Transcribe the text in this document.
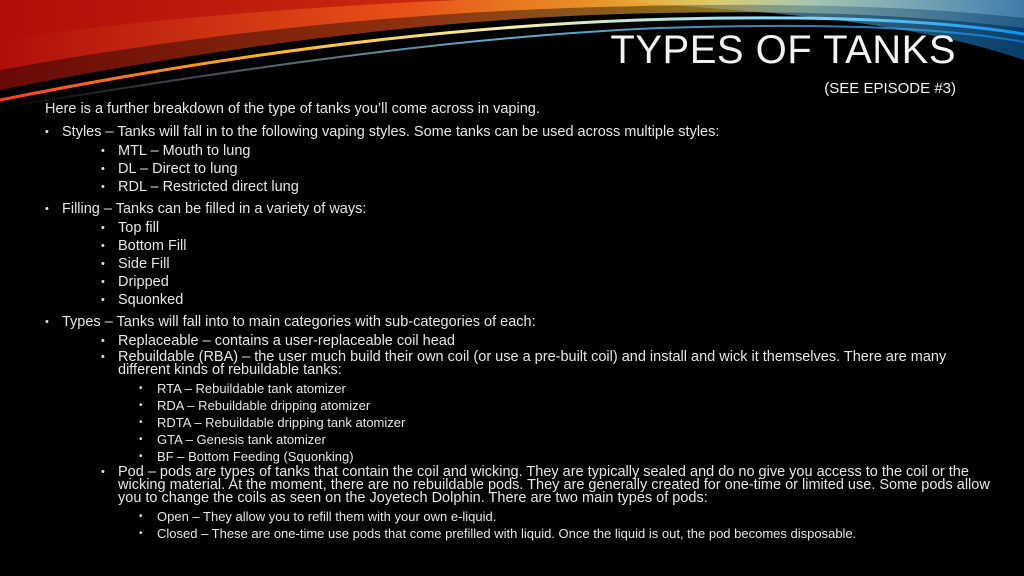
TYPES OF TANKS
(SEE EPISODE #3)

Here is a further breakdown of the type of tanks you’ll come across in vaping.

• Styles – Tanks will fall in to the following vaping styles. Some tanks can be used across multiple styles:
• MTL – Mouth to lung
• DL – Direct to lung
• RDL – Restricted direct lung
• Filling – Tanks can be filled in a variety of ways:
• Top fill
• Bottom Fill
• Side Fill
• Dripped
• Squonked
• Types – Tanks will fall into to main categories with sub-categories of each:
• Replaceable – contains a user-replaceable coil head
• Rebuildable (RBA) – the user much build their own coil (or use a pre-built coil) and install and wick it themselves. There are many different kinds of rebuildable tanks:
• RTA – Rebuildable tank atomizer
• RDA – Rebuildable dripping atomizer
• RDTA – Rebuildable dripping tank atomizer
• GTA – Genesis tank atomizer
• BF – Bottom Feeding (Squonking)
• Pod – pods are types of tanks that contain the coil and wicking. They are typically sealed and do no give you access to the coil or the wicking material. At the moment, there are no rebuildable pods. They are generally created for one-time or limited use. Some pods allow you to change the coils as seen on the Joyetech Dolphin. There are two main types of pods:
• Open – They allow you to refill them with your own e-liquid.
• Closed – These are one-time use pods that come prefilled with liquid. Once the liquid is out, the pod becomes disposable.
